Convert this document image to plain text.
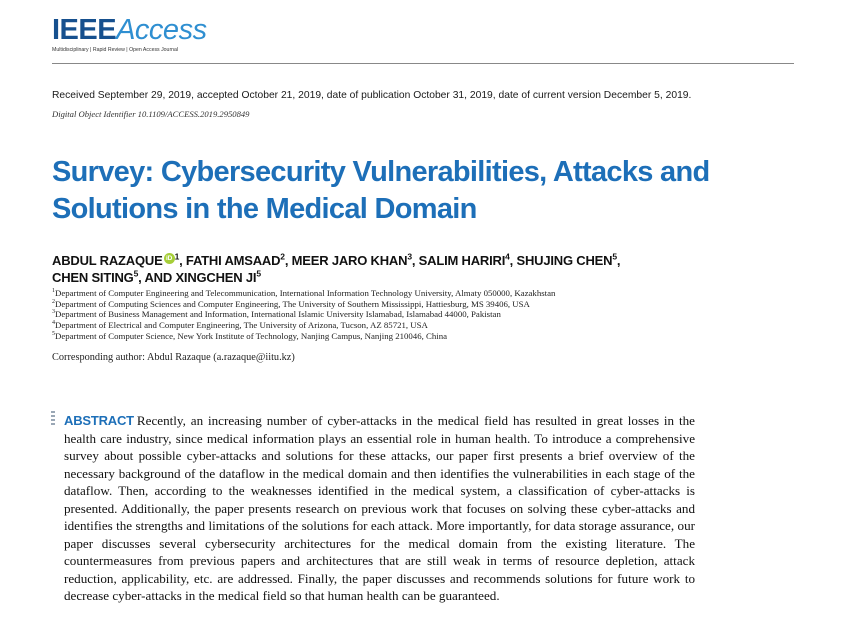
IEEEAccess
Multidisciplinary | Rapid Review | Open Access Journal
Received September 29, 2019, accepted October 21, 2019, date of publication October 31, 2019, date of current version December 5, 2019.
Digital Object Identifier 10.1109/ACCESS.2019.2950849
Survey: Cybersecurity Vulnerabilities, Attacks and Solutions in the Medical Domain
ABDUL RAZAQUE iD $^1$, FATHI AMSAAD$^2$, MEER JARO KHAN$^3$, SALIM HARIRI$^4$, SHUJING CHEN$^5$,
CHEN SITING$^5$, AND XINGCHEN $JI^5$
$^1$Department of Computer Engineering and Telecommunication, International Information Technology University, Almaty 050000, Kazakhstan
$^2$Department of Computing Sciences and Computer Engineering, The University of Southern Mississippi, Hattiesburg, MS 39406, USA
$^3$Department of Business Management and Information, International Islamic University Islamabad, Islamabad 44000, Pakistan
$^4$Department of Electrical and Computer Engineering, The University of Arizona, Tucson, AZ 85721, USA
$^5$Department of Computer Science, New York Institute of Technology, Nanjing Campus, Nanjing 210046, China
Corresponding author: Abdul Razaque (a.razaque@iitu.kz)

ABSTRACT Recently, an increasing number of cyber-attacks in the medical field has resulted in great losses in the health care industry, since medical information plays an essential role in human health. To introduce a comprehensive survey about possible cyber-attacks and solutions for these attacks, our paper first presents a brief overview of the necessary background of the dataflow in the medical domain and then identifies the vulnerabilities in each stage of the dataflow. Then, according to the weaknesses identified in the medical system, a classification of cyber-attacks is presented. Additionally, the paper presents research on previous work that focuses on solving these cyber-attacks and identifies the strengths and limitations of the solutions for each attack. More importantly, for data storage assurance, our paper discusses several cybersecurity architectures for the medical domain from the existing literature. The countermeasures from previous papers and architectures that are still weak in terms of resource depletion, attack reduction, applicability, etc. are addressed. Finally, the paper discusses and recommends solutions for future work to decrease cyber-attacks in the medical field so that human health can be guaranteed.
